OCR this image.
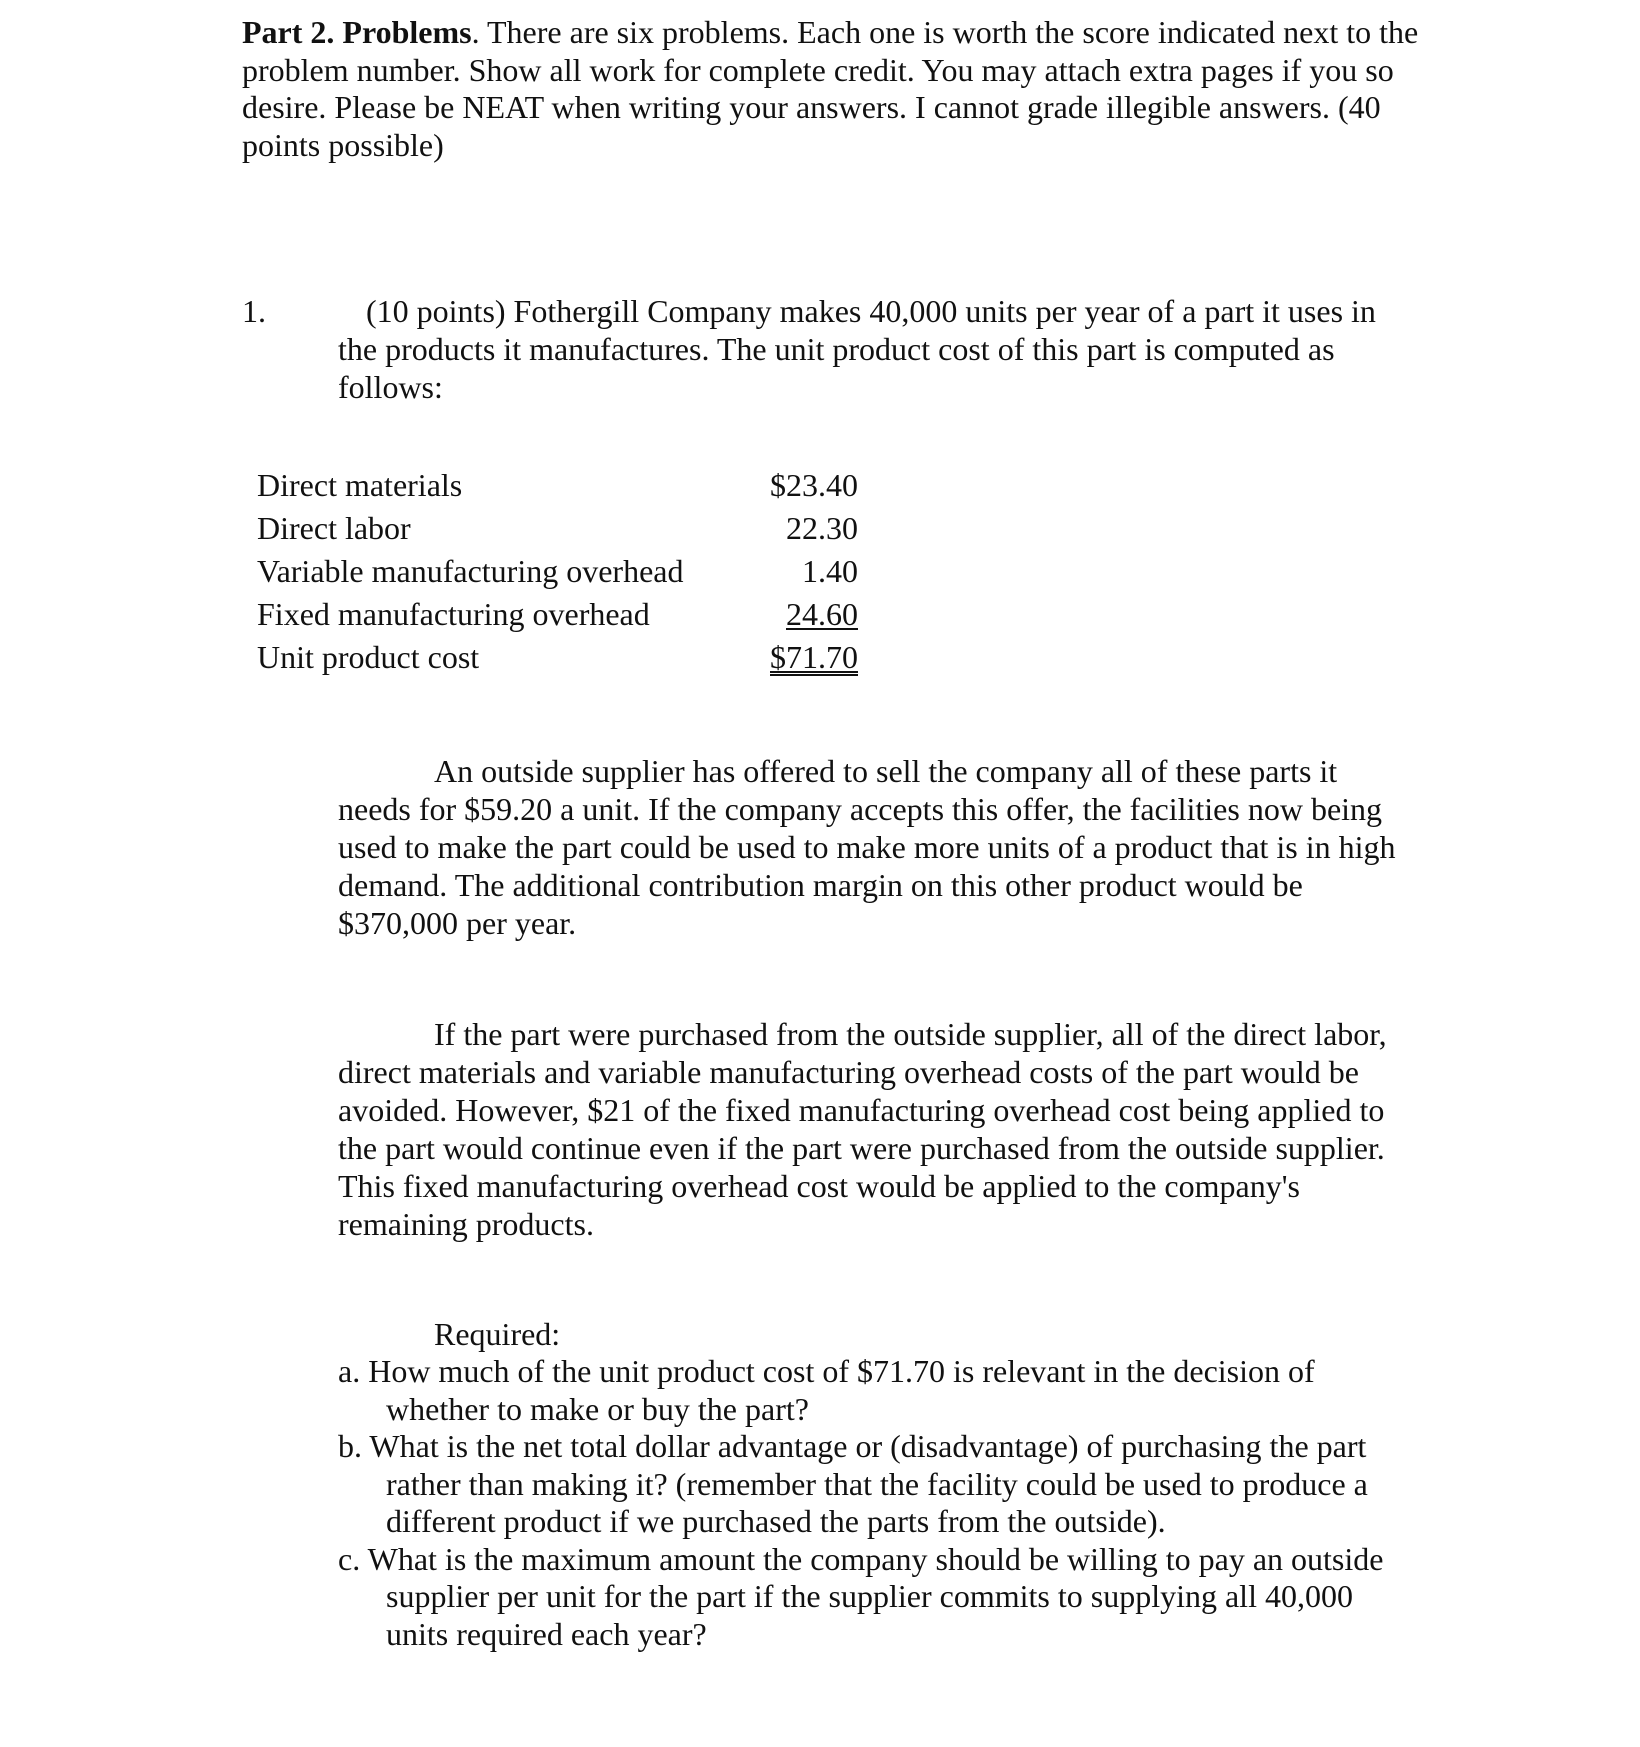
Part 2. Problems. There are six problems. Each one is worth the score indicated next to the problem number. Show all work for complete credit. You may attach extra pages if you so desire. Please be NEAT when writing your answers. I cannot grade illegible answers. (40 points possible)
1.	(10 points) Fothergill Company makes 40,000 units per year of a part it uses in the products it manufactures. The unit product cost of this part is computed as follows:
Direct materials	$23.40
Direct labor	22.30
Variable manufacturing overhead	1.40
Fixed manufacturing overhead	24.60
Unit product cost	$71.70
An outside supplier has offered to sell the company all of these parts it needs for $59.20 a unit. If the company accepts this offer, the facilities now being used to make the part could be used to make more units of a product that is in high demand. The additional contribution margin on this other product would be $370,000 per year.
If the part were purchased from the outside supplier, all of the direct labor, direct materials and variable manufacturing overhead costs of the part would be avoided. However, $21 of the fixed manufacturing overhead cost being applied to the part would continue even if the part were purchased from the outside supplier. This fixed manufacturing overhead cost would be applied to the company's remaining products.
Required:
a. How much of the unit product cost of $71.70 is relevant in the decision of whether to make or buy the part?
b. What is the net total dollar advantage or (disadvantage) of purchasing the part rather than making it? (remember that the facility could be used to produce a different product if we purchased the parts from the outside).
c. What is the maximum amount the company should be willing to pay an outside supplier per unit for the part if the supplier commits to supplying all 40,000 units required each year?
